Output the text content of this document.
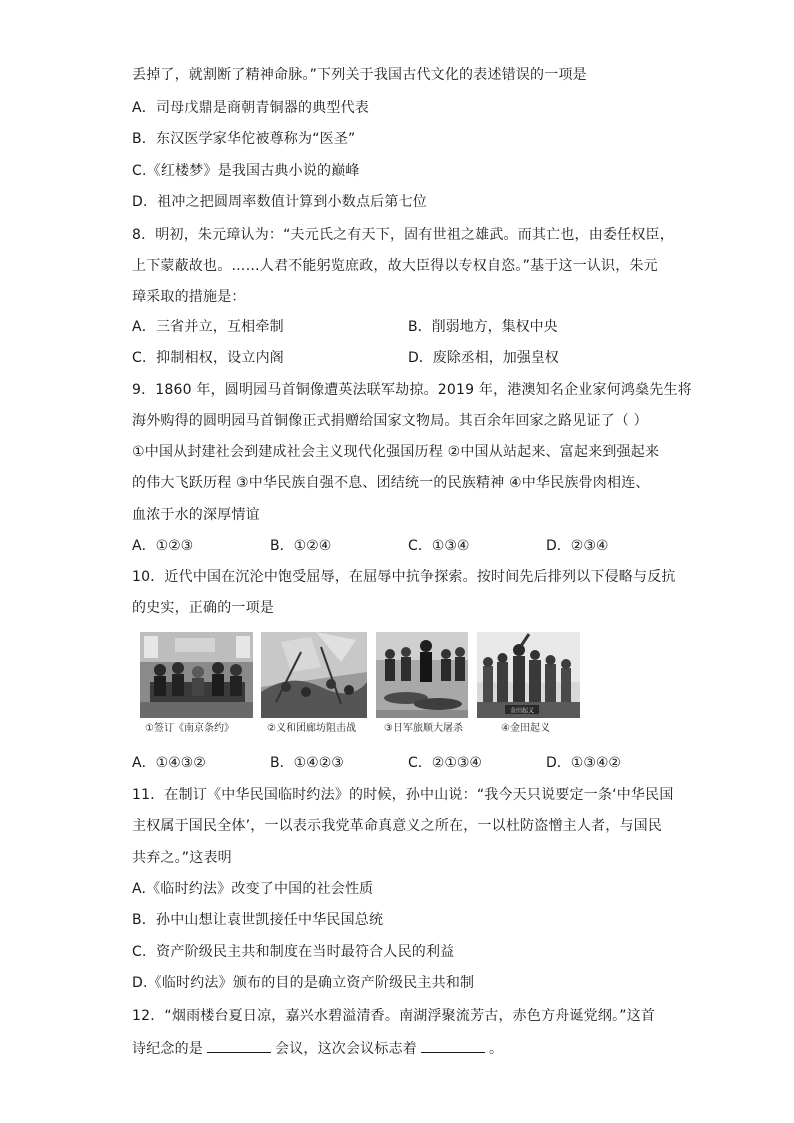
丢掉了，就割断了精神命脉。”下列关于我国古代文化的表述错误的一项是
A．司母戊鼎是商朝青铜器的典型代表
B．东汉医学家华佗被尊称为“医圣”
C.《红楼梦》是我国古典小说的巅峰
D．祖冲之把圆周率数值计算到小数点后第七位
8．明初，朱元璋认为：“夫元氏之有天下，固有世祖之雄武。而其亡也，由委任权臣，
上下蒙蔽故也。……人君不能躬览庶政，故大臣得以专权自恣。”基于这一认识，朱元
璋采取的措施是：
A．三省并立，互相牵制	B．削弱地方，集权中央
C．抑制相权，设立内阁	D．废除丞相，加强皇权
9．1860 年，圆明园马首铜像遭英法联军劫掠。2019 年，港澳知名企业家何鸿燊先生将
海外购得的圆明园马首铜像正式捐赠给国家文物局。其百余年回家之路见证了（ ）
①中国从封建社会到建成社会主义现代化强国历程 ②中国从站起来、富起来到强起来
的伟大飞跃历程 ③中华民族自强不息、团结统一的民族精神 ④中华民族骨肉相连、
血浓于水的深厚情谊
A．①②③	B．①②④	C．①③④	D．②③④
10．近代中国在沉沦中饱受屈辱，在屈辱中抗争探索。按时间先后排列以下侵略与反抗
的史实，正确的一项是
金田起义
①签订《南京条约》	②义和团廊坊阻击战	③日军旅顺大屠杀	④金田起义
A．①④③②	B．①④②③	C．②①③④	D．①③④②
11．在制订《中华民国临时约法》的时候，孙中山说：“我今天只说要定一条‘中华民国
主权属于国民全体’，一以表示我党革命真意义之所在，一以杜防盗憎主人者，与国民
共弃之。”这表明
A.《临时约法》改变了中国的社会性质
B．孙中山想让袁世凯接任中华民国总统
C．资产阶级民主共和制度在当时最符合人民的利益
D.《临时约法》颁布的目的是确立资产阶级民主共和制
12．“烟雨楼台夏日凉，嘉兴水碧溢清香。南湖浮聚流芳古，赤色方舟诞党纲。”这首
诗纪念的是	会议，这次会议标志着	。
